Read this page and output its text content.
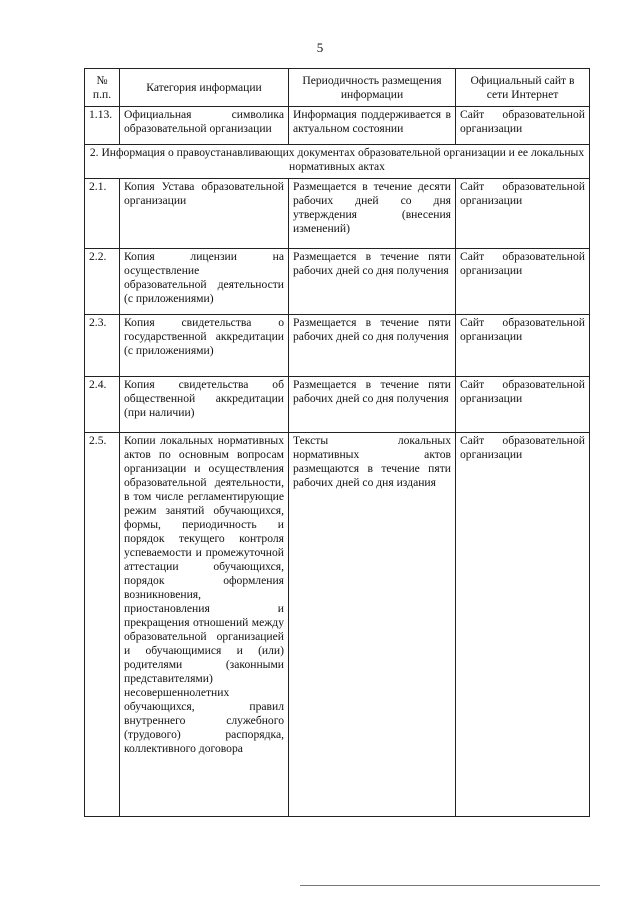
5
№ п.п.	Категория информации	Периодичность размещения информации	Официальный сайт в сети Интернет
1.13.	Официальная символика образовательной организации	Информация поддерживается в актуальном состоянии	Сайт образовательной организации
2. Информация о правоустанавливающих документах образовательной организации и ее локальных нормативных актах			
2.1.	Копия Устава образовательной организации	Размещается в течение десяти рабочих дней со дня утверждения (внесения изменений)	Сайт образовательной организации
2.2.	Копия лицензии на осуществление образовательной деятельности (с приложениями)	Размещается в течение пяти рабочих дней со дня получения	Сайт образовательной организации
2.3.	Копия свидетельства о государственной аккредитации (с приложениями)	Размещается в течение пяти рабочих дней со дня получения	Сайт образовательной организации
2.4.	Копия свидетельства об общественной аккредитации (при наличии)	Размещается в течение пяти рабочих дней со дня получения	Сайт образовательной организации
2.5.	Копии локальных нормативных актов по основным вопросам организации и осуществления образовательной деятельности, в том числе регламентирующие режим занятий обучающихся, формы, периодичность и порядок текущего контроля успеваемости и промежуточной аттестации обучающихся, порядок оформления возникновения, приостановления и прекращения отношений между образовательной организацией и обучающимися и (или) родителями (законными представителями) несовершеннолетних обучающихся, правил внутреннего служебного (трудового) распорядка, коллективного договора	Тексты локальных нормативных актов размещаются в течение пяти рабочих дней со дня издания	Сайт образовательной организации
